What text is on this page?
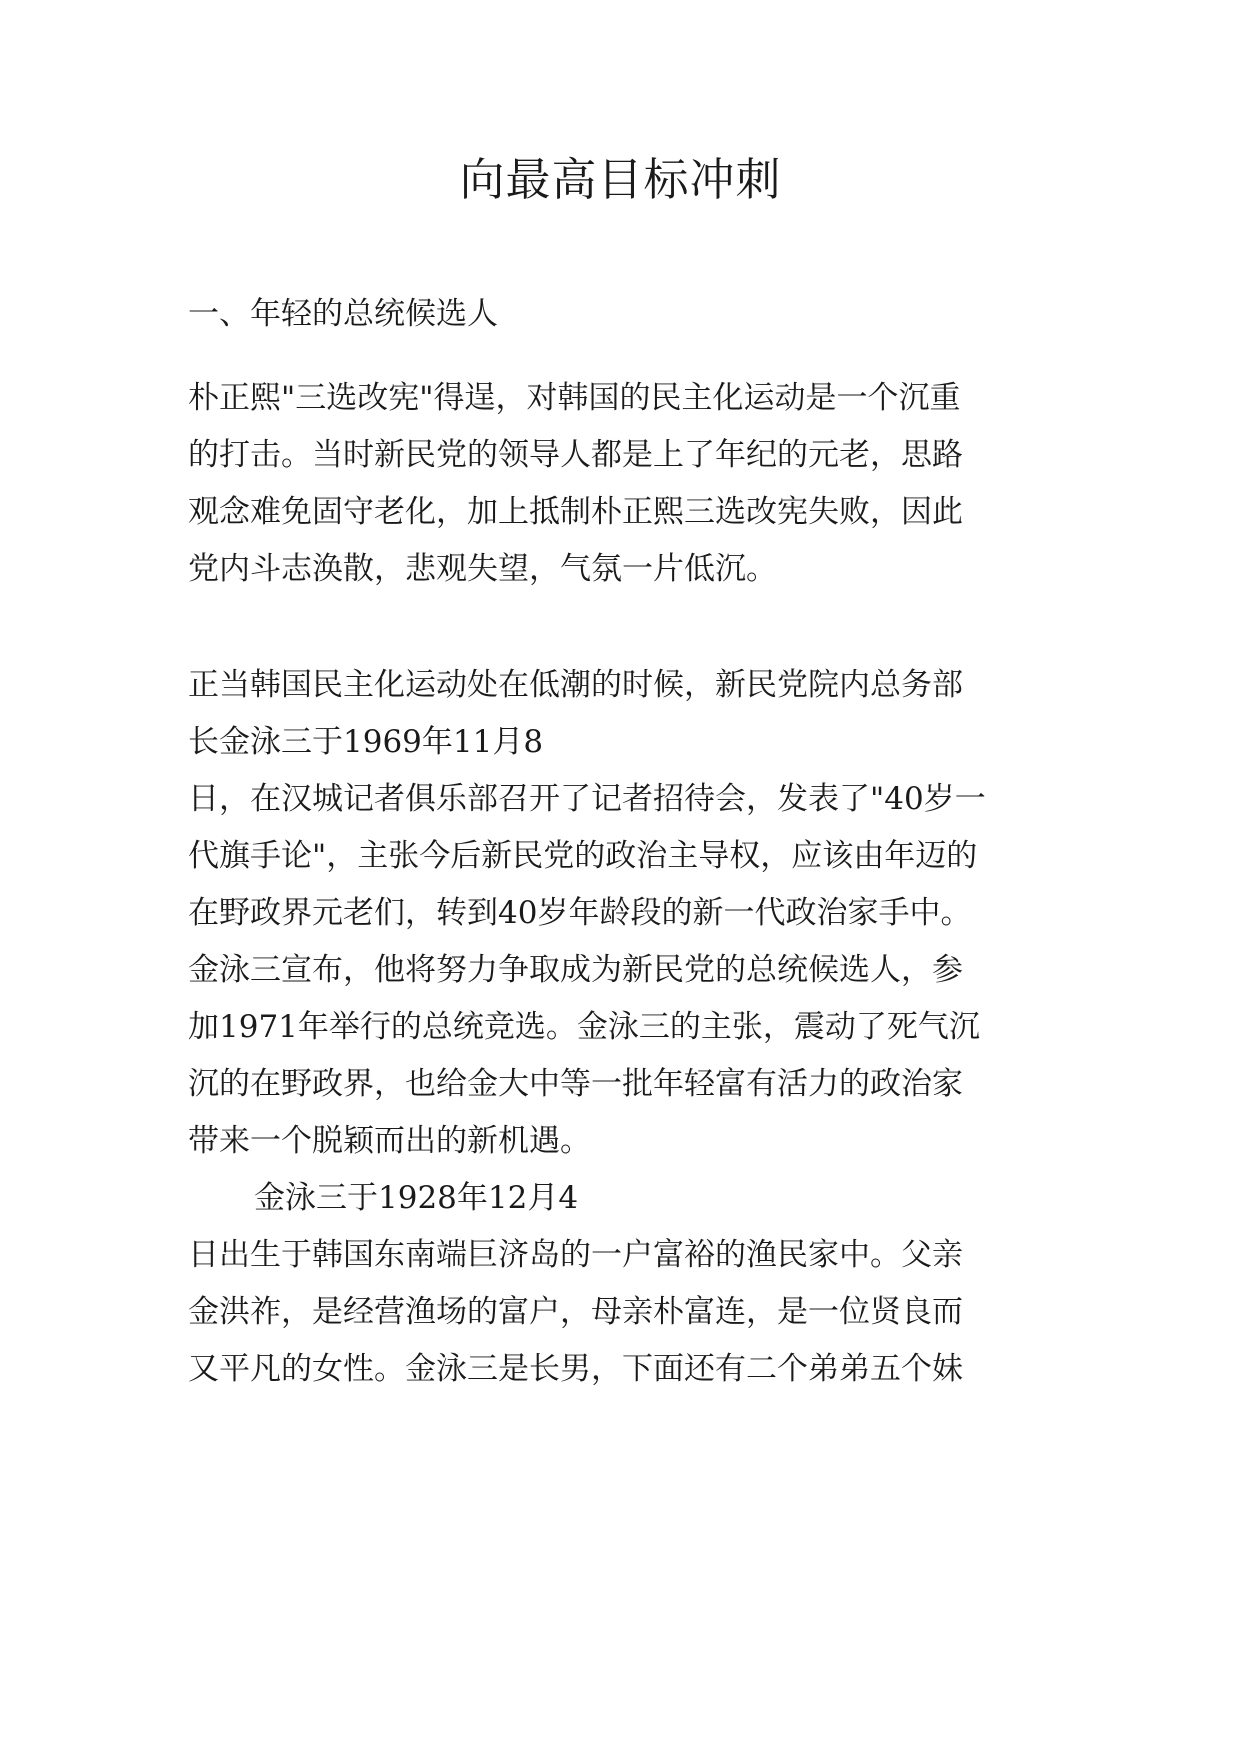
向最高目标冲刺
一、年轻的总统候选人

朴正熙"三选改宪"得逞，对韩国的民主化运动是一个沉重

的打击。当时新民党的领导人都是上了年纪的元老，思路

观念难免固守老化，加上抵制朴正熙三选改宪失败，因此

党内斗志涣散，悲观失望，气氛一片低沉。

正当韩国民主化运动处在低潮的时候，新民党院内总务部

长金泳三于1969年11月8

日，在汉城记者俱乐部召开了记者招待会，发表了"40岁一

代旗手论"，主张今后新民党的政治主导权，应该由年迈的

在野政界元老们，转到40岁年龄段的新一代政治家手中。

金泳三宣布，他将努力争取成为新民党的总统候选人，参

加1971年举行的总统竞选。金泳三的主张，震动了死气沉

沉的在野政界，也给金大中等一批年轻富有活力的政治家

带来一个脱颖而出的新机遇。

金泳三于1928年12月4

日出生于韩国东南端巨济岛的一户富裕的渔民家中。父亲

金洪祚，是经营渔场的富户，母亲朴富连，是一位贤良而

又平凡的女性。金泳三是长男，下面还有二个弟弟五个妹
